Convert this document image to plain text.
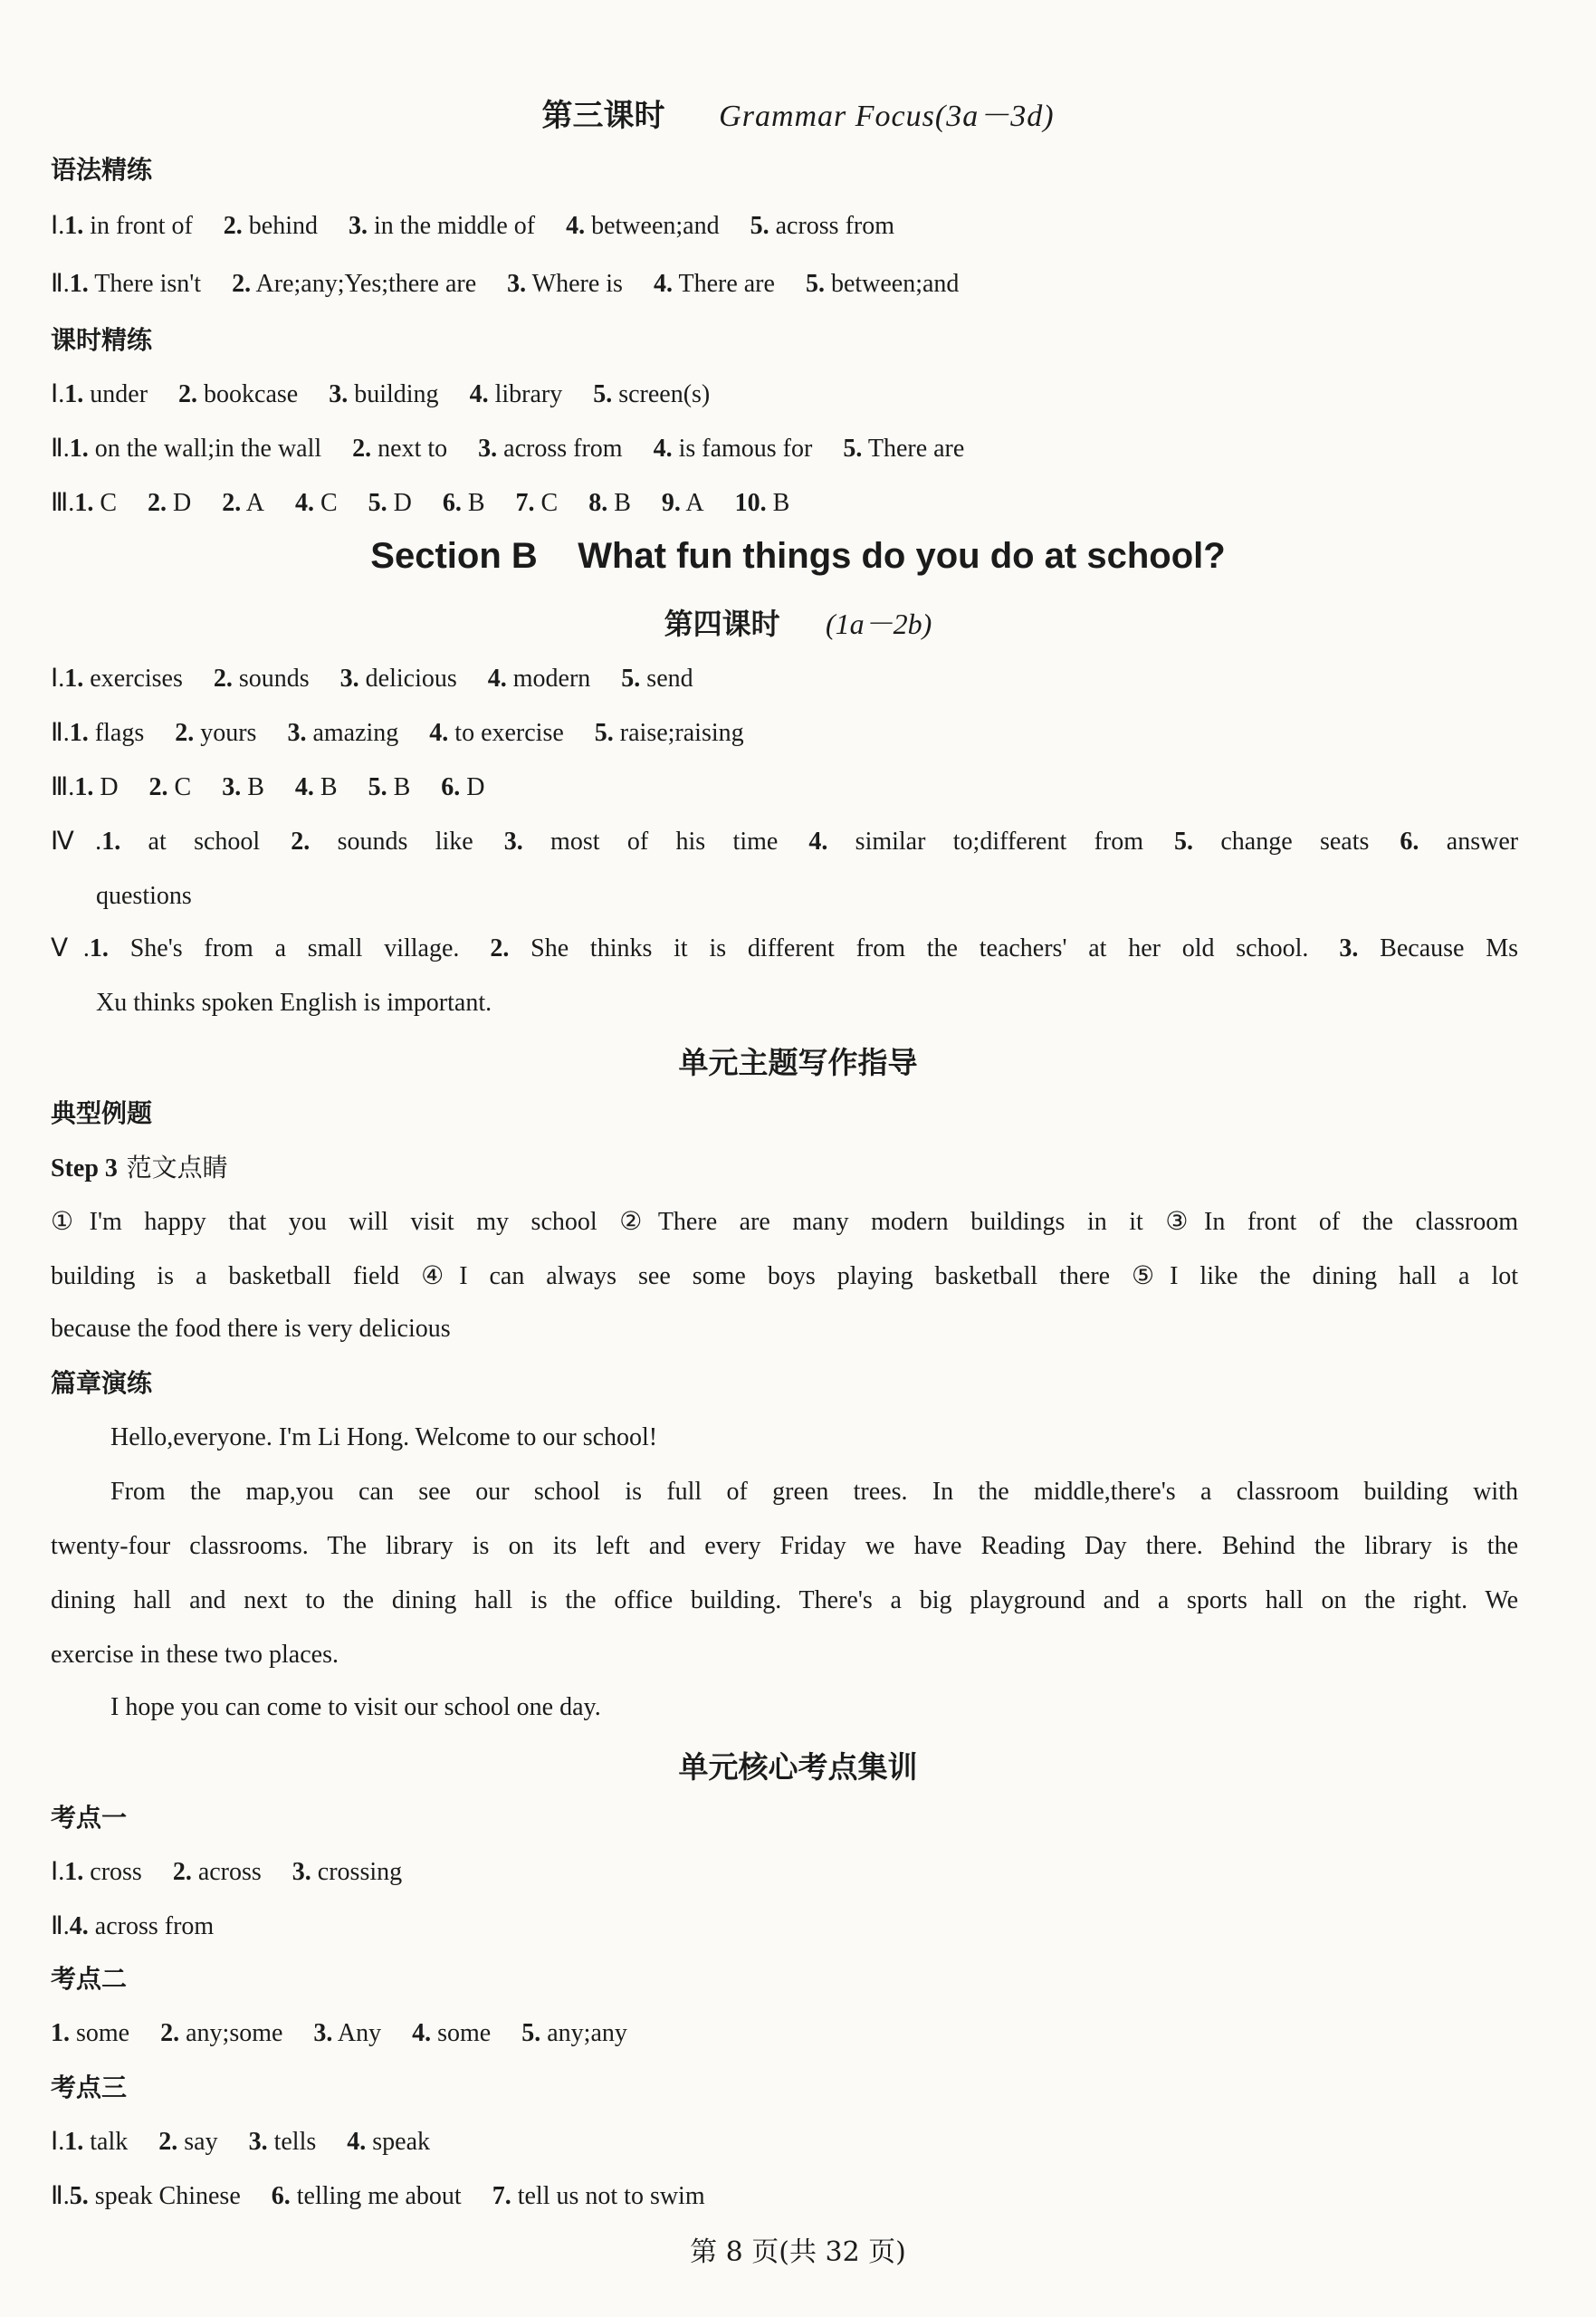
第三课时 Grammar Focus(3a－3d)
语法精练
Ⅰ.1. in front of 2. behind 3. in the middle of 4. between;and 5. across from
Ⅱ.1. There isn't 2. Are;any;Yes;there are 3. Where is 4. There are 5. between;and
课时精练
Ⅰ.1. under 2. bookcase 3. building 4. library 5. screen(s)
Ⅱ.1. on the wall;in the wall 2. next to 3. across from 4. is famous for 5. There are
Ⅲ.1. C 2. D 2. A 4. C 5. D 6. B 7. C 8. B 9. A 10. B
Section B    What fun things do you do at school?
第四课时 (1a－2b)
Ⅰ.1. exercises 2. sounds 3. delicious 4. modern 5. send
Ⅱ.1. flags 2. yours 3. amazing 4. to exercise 5. raise;raising
Ⅲ.1. D 2. C 3. B 4. B 5. B 6. D
Ⅳ.1. at school 2. sounds like 3. most of his time 4. similar to;different from 5. change seats 6. answer
questions
Ⅴ.1. She's from a small village. 2. She thinks it is different from the teachers' at her old school. 3. Because Ms
Xu thinks spoken English is important.
单元主题写作指导
典型例题
Step 3 范文点睛
①I'm happy that you will visit my school ②There are many modern buildings in it ③In front of the classroom
building is a basketball field ④I can always see some boys playing basketball there ⑤I like the dining hall a lot
because the food there is very delicious
篇章演练
Hello,everyone. I'm Li Hong. Welcome to our school!
From the map,you can see our school is full of green trees. In the middle,there's a classroom building with
twenty-four classrooms. The library is on its left and every Friday we have Reading Day there. Behind the library is the
dining hall and next to the dining hall is the office building. There's a big playground and a sports hall on the right. We
exercise in these two places.
I hope you can come to visit our school one day.
单元核心考点集训
考点一
Ⅰ.1. cross 2. across 3. crossing
Ⅱ.4. across from
考点二
1. some 2. any;some 3. Any 4. some 5. any;any
考点三
Ⅰ.1. talk 2. say 3. tells 4. speak
Ⅱ.5. speak Chinese 6. telling me about 7. tell us not to swim
第 8 页(共 32 页)
